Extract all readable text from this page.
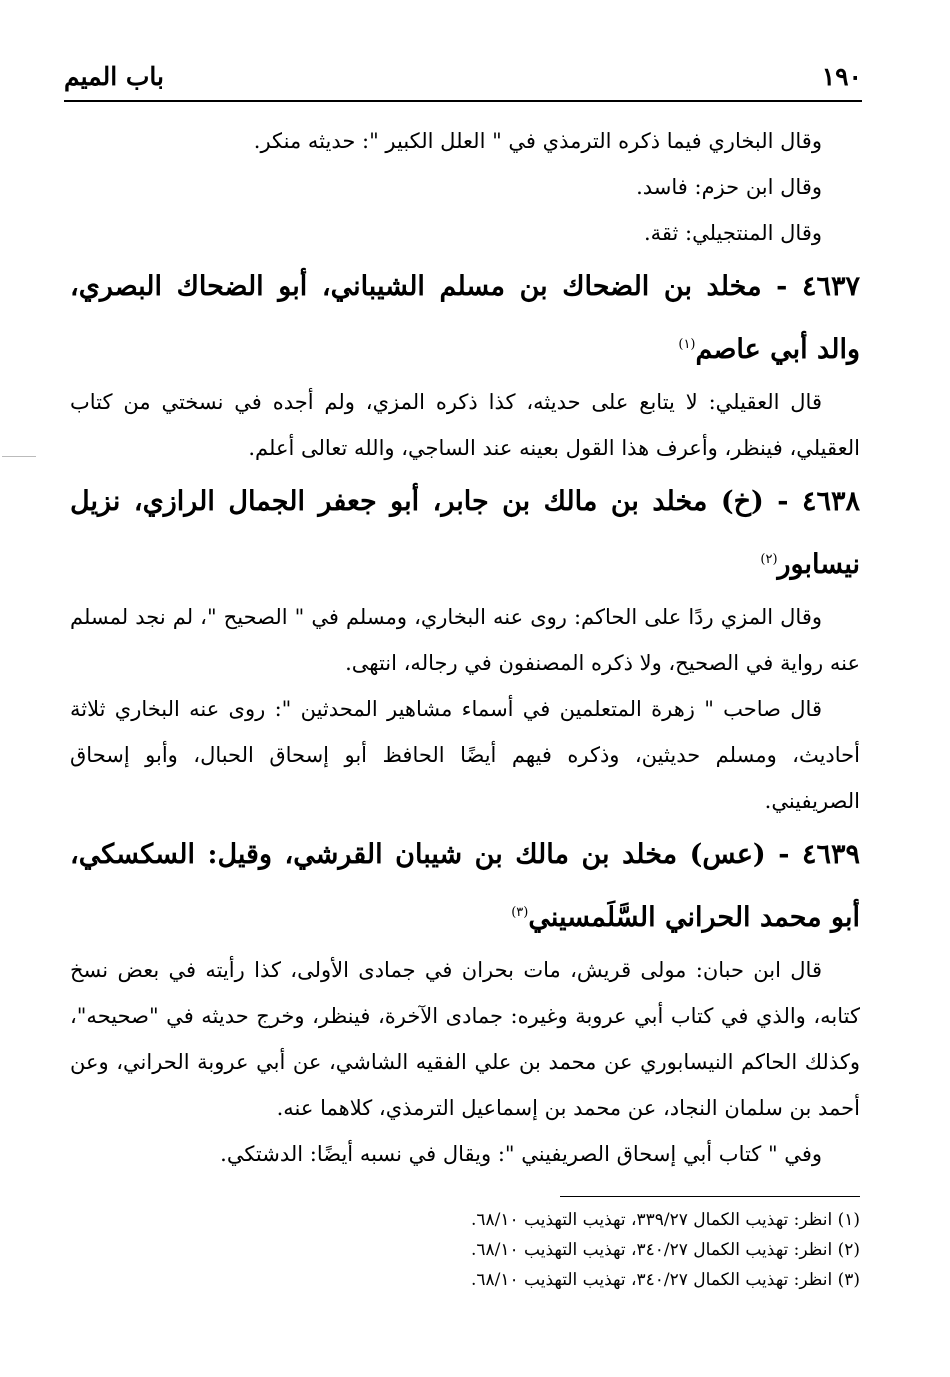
١٩٠
باب الميم

وقال البخاري فيما ذكره الترمذي في " العلل الكبير ": حديثه منكر.

وقال ابن حزم: فاسد.

وقال المنتجيلي: ثقة.

٤٦٣٧ - مخلد بن الضحاك بن مسلم الشيباني، أبو الضحاك البصري، والد أبي عاصم$^{(١)}$

قال العقيلي: لا يتابع على حديثه، كذا ذكره المزي، ولم أجده في نسختي من كتاب العقيلي، فينظر، وأعرف هذا القول بعينه عند الساجي، والله تعالى أعلم.

٤٦٣٨ - (خ) مخلد بن مالك بن جابر، أبو جعفر الجمال الرازي، نزيل نيسابور$^{(٢)}$

وقال المزي ردًا على الحاكم: روى عنه البخاري، ومسلم في " الصحيح "، لم نجد لمسلم عنه رواية في الصحيح، ولا ذكره المصنفون في رجاله، انتهى.

قال صاحب " زهرة المتعلمين في أسماء مشاهير المحدثين ": روى عنه البخاري ثلاثة أحاديث، ومسلم حديثين، وذكره فيهم أيضًا الحافظ أبو إسحاق الحبال، وأبو إسحاق الصريفيني.

٤٦٣٩ - (عس) مخلد بن مالك بن شيبان القرشي، وقيل: السكسكي، أبو محمد الحراني السَّلَمسيني$^{(٣)}$

قال ابن حبان: مولى قريش، مات بحران في جمادى الأولى، كذا رأيته في بعض نسخ كتابه، والذي في كتاب أبي عروبة وغيره: جمادى الآخرة، فينظر، وخرج حديثه في "صحيحه"، وكذلك الحاكم النيسابوري عن محمد بن علي الفقيه الشاشي، عن أبي عروبة الحراني، وعن أحمد بن سلمان النجاد، عن محمد بن إسماعيل الترمذي، كلاهما عنه.

وفي " كتاب أبي إسحاق الصريفيني ": ويقال في نسبه أيضًا: الدشتكي.

(١) انظر: تهذيب الكمال ٣٣٩/٢٧، تهذيب التهذيب ٦٨/١٠.

(٢) انظر: تهذيب الكمال ٣٤٠/٢٧، تهذيب التهذيب ٦٨/١٠.

(٣) انظر: تهذيب الكمال ٣٤٠/٢٧، تهذيب التهذيب ٦٨/١٠.
